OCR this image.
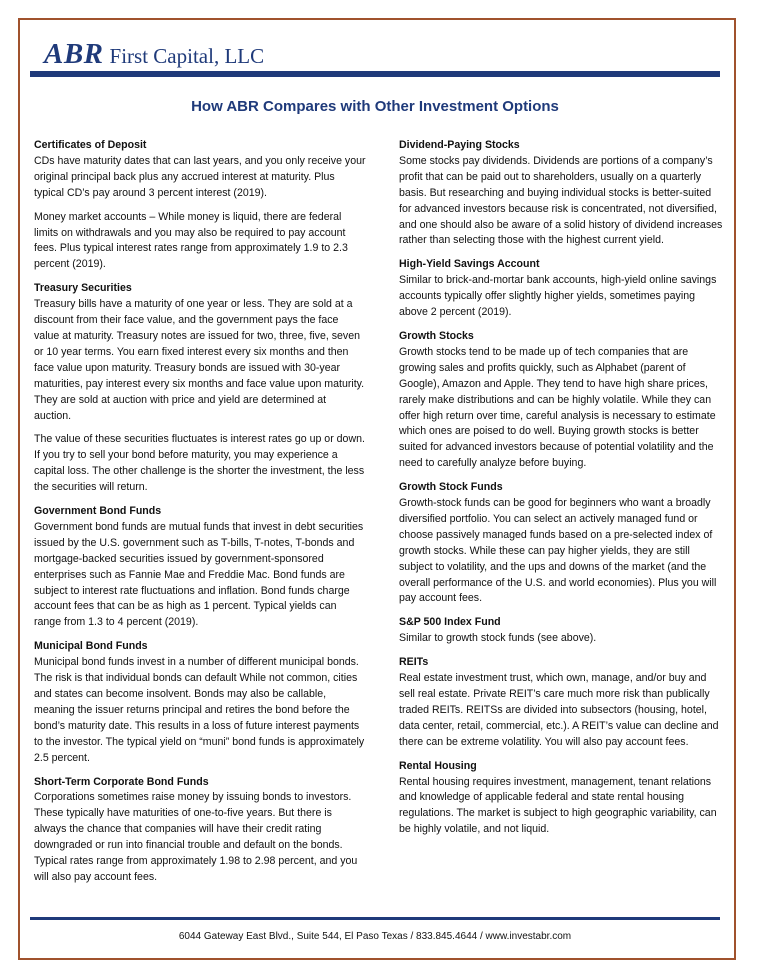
ABR First Capital, LLC
How ABR Compares with Other Investment Options
Certificates of Deposit
CDs have maturity dates that can last years, and you only receive your original principal back plus any accrued interest at maturity. Plus typical CD’s pay around 3 percent interest (2019).
Money market accounts – While money is liquid, there are federal limits on withdrawals and you may also be required to pay account fees. Plus typical interest rates range from approximately 1.9 to 2.3 percent (2019).
Treasury Securities
Treasury bills have a maturity of one year or less. They are sold at a discount from their face value, and the government pays the face value at maturity. Treasury notes are issued for two, three, five, seven or 10 year terms. You earn fixed interest every six months and then face value upon maturity. Treasury bonds are issued with 30-year maturities, pay interest every six months and face value upon maturity. They are sold at auction with price and yield are determined at auction.
The value of these securities fluctuates is interest rates go up or down. If you try to sell your bond before maturity, you may experience a capital loss. The other challenge is the shorter the investment, the less the securities will return.
Government Bond Funds
Government bond funds are mutual funds that invest in debt securities issued by the U.S. government such as T-bills, T-notes, T-bonds and mortgage-backed securities issued by government-sponsored enterprises such as Fannie Mae and Freddie Mac. Bond funds are subject to interest rate fluctuations and inflation. Bond funds charge account fees that can be as high as 1 percent. Typical yields can range from 1.3 to 4 percent (2019).
Municipal Bond Funds
Municipal bond funds invest in a number of different municipal bonds. The risk is that individual bonds can default While not common, cities and states can become insolvent. Bonds may also be callable, meaning the issuer returns principal and retires the bond before the bond’s maturity date. This results in a loss of future interest payments to the investor. The typical yield on “muni” bond funds is approximately 2.5 percent.
Short-Term Corporate Bond Funds
Corporations sometimes raise money by issuing bonds to investors. These typically have maturities of one-to-five years. But there is always the chance that companies will have their credit rating downgraded or run into financial trouble and default on the bonds. Typical rates range from approximately 1.98 to 2.98 percent, and you will also pay account fees.
Dividend-Paying Stocks
Some stocks pay dividends. Dividends are portions of a company’s profit that can be paid out to shareholders, usually on a quarterly basis. But researching and buying individual stocks is better-suited for advanced investors because risk is concentrated, not diversified, and one should also be aware of a solid history of dividend increases rather than selecting those with the highest current yield.
High-Yield Savings Account
Similar to brick-and-mortar bank accounts, high-yield online savings accounts typically offer slightly higher yields, sometimes paying above 2 percent (2019).
Growth Stocks
Growth stocks tend to be made up of tech companies that are growing sales and profits quickly, such as Alphabet (parent of Google), Amazon and Apple. They tend to have high share prices, rarely make distributions and can be highly volatile. While they can offer high return over time, careful analysis is necessary to estimate which ones are poised to do well. Buying growth stocks is better suited for advanced investors because of potential volatility and the need to carefully analyze before buying.
Growth Stock Funds
Growth-stock funds can be good for beginners who want a broadly diversified portfolio. You can select an actively managed fund or choose passively managed funds based on a pre-selected index of growth stocks. While these can pay higher yields, they are still subject to volatility, and the ups and downs of the market (and the overall performance of the U.S. and world economies). Plus you will pay account fees.
S&P 500 Index Fund
Similar to growth stock funds (see above).
REITs
Real estate investment trust, which own, manage, and/or buy and sell real estate. Private REIT’s care much more risk than publically traded REITs. REITSs are divided into subsectors (housing, hotel, data center, retail, commercial, etc.). A REIT’s value can decline and there can be extreme volatility. You will also pay account fees.
Rental Housing
Rental housing requires investment, management, tenant relations and knowledge of applicable federal and state rental housing regulations. The market is subject to high geographic variability, can be highly volatile, and not liquid.
6044 Gateway East Blvd., Suite 544, El Paso Texas / 833.845.4644 / www.investabr.com
